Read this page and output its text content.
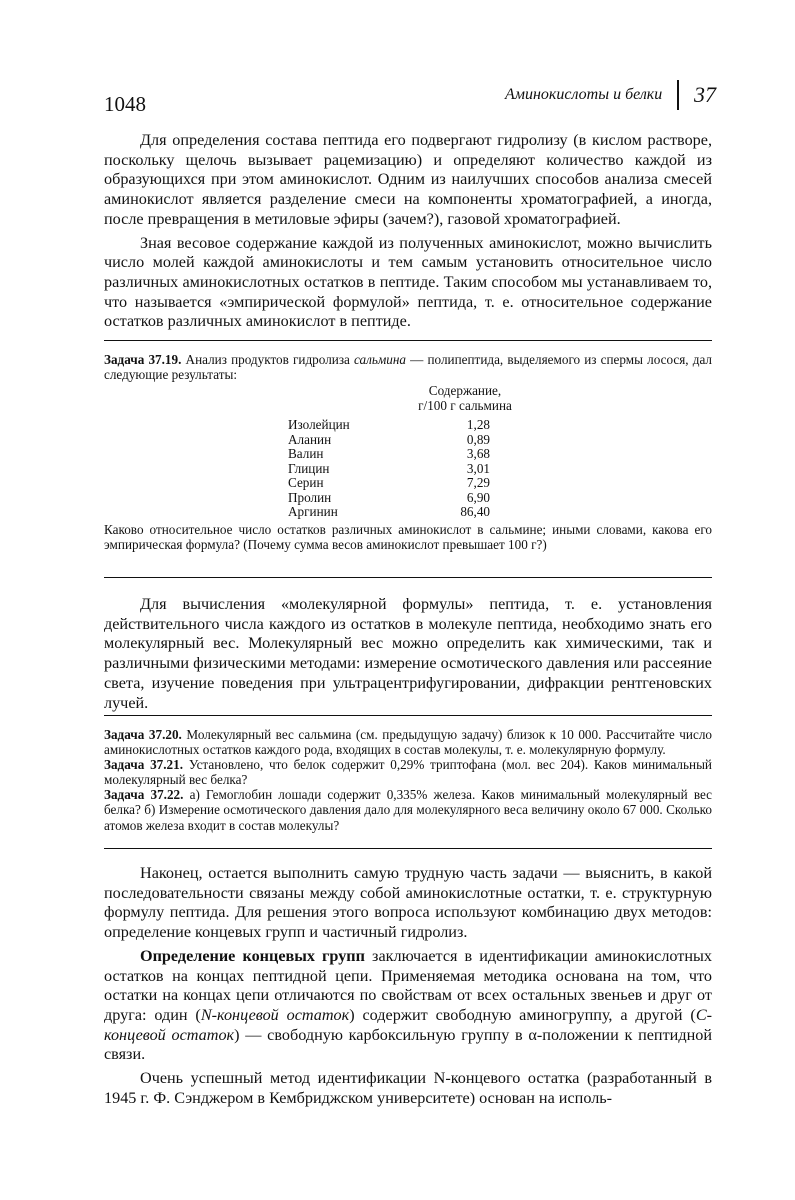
1048	Аминокислоты и белки 37

Для определения состава пептида его подвергают гидролизу (в кислом растворе, поскольку щелочь вызывает рацемизацию) и определяют количество каждой из образующихся при этом аминокислот. Одним из наилучших способов анализа смесей аминокислот является разделение смеси на компоненты хроматографией, а иногда, после превращения в метиловые эфиры (зачем?), газовой хроматографией.

Зная весовое содержание каждой из полученных аминокислот, можно вычислить число молей каждой аминокислоты и тем самым установить относительное число различных аминокислотных остатков в пептиде. Таким способом мы устанавливаем то, что называется «эмпирической формулой» пептида, т. е. относительное содержание остатков различных аминокислот в пептиде.

Задача 37.19. Анализ продуктов гидролиза сальмина — полипептида, выделяемого из спермы лосося, дал следующие результаты:

Содержание,
г/100 г сальмина
Изолейцин	1,28
Аланин	0,89
Валин	3,68
Глицин	3,01
Серин	7,29
Пролин	6,90
Аргинин	86,40

Каково относительное число остатков различных аминокислот в сальмине; иными словами, какова его эмпирическая формула? (Почему сумма весов аминокислот превышает 100 г?)

Для вычисления «молекулярной формулы» пептида, т. е. установления действительного числа каждого из остатков в молекуле пептида, необходимо знать его молекулярный вес. Молекулярный вес можно определить как химическими, так и различными физическими методами: измерение осмотического давления или рассеяние света, изучение поведения при ультрацентрифугировании, дифракции рентгеновских лучей.

Задача 37.20. Молекулярный вес сальмина (см. предыдущую задачу) близок к 10 000. Рассчитайте число аминокислотных остатков каждого рода, входящих в состав молекулы, т. е. молекулярную формулу.

Задача 37.21. Установлено, что белок содержит 0,29% триптофана (мол. вес 204). Каков минимальный молекулярный вес белка?

Задача 37.22. а) Гемоглобин лошади содержит 0,335% железа. Каков минимальный молекулярный вес белка? б) Измерение осмотического давления дало для молекулярного веса величину около 67 000. Сколько атомов железа входит в состав молекулы?

Наконец, остается выполнить самую трудную часть задачи — выяснить, в какой последовательности связаны между собой аминокислотные остатки, т. е. структурную формулу пептида. Для решения этого вопроса используют комбинацию двух методов: определение концевых групп и частичный гидролиз.

Определение концевых групп заключается в идентификации аминокислотных остатков на концах пептидной цепи. Применяемая методика основана на том, что остатки на концах цепи отличаются по свойствам от всех остальных звеньев и друг от друга: один (N-концевой остаток) содержит свободную аминогруппу, а другой (С-концевой остаток) — свободную карбоксильную группу в α-положении к пептидной связи.

Очень успешный метод идентификации N-концевого остатка (разработанный в 1945 г. Ф. Сэнджером в Кембриджском университете) основан на исполь-
